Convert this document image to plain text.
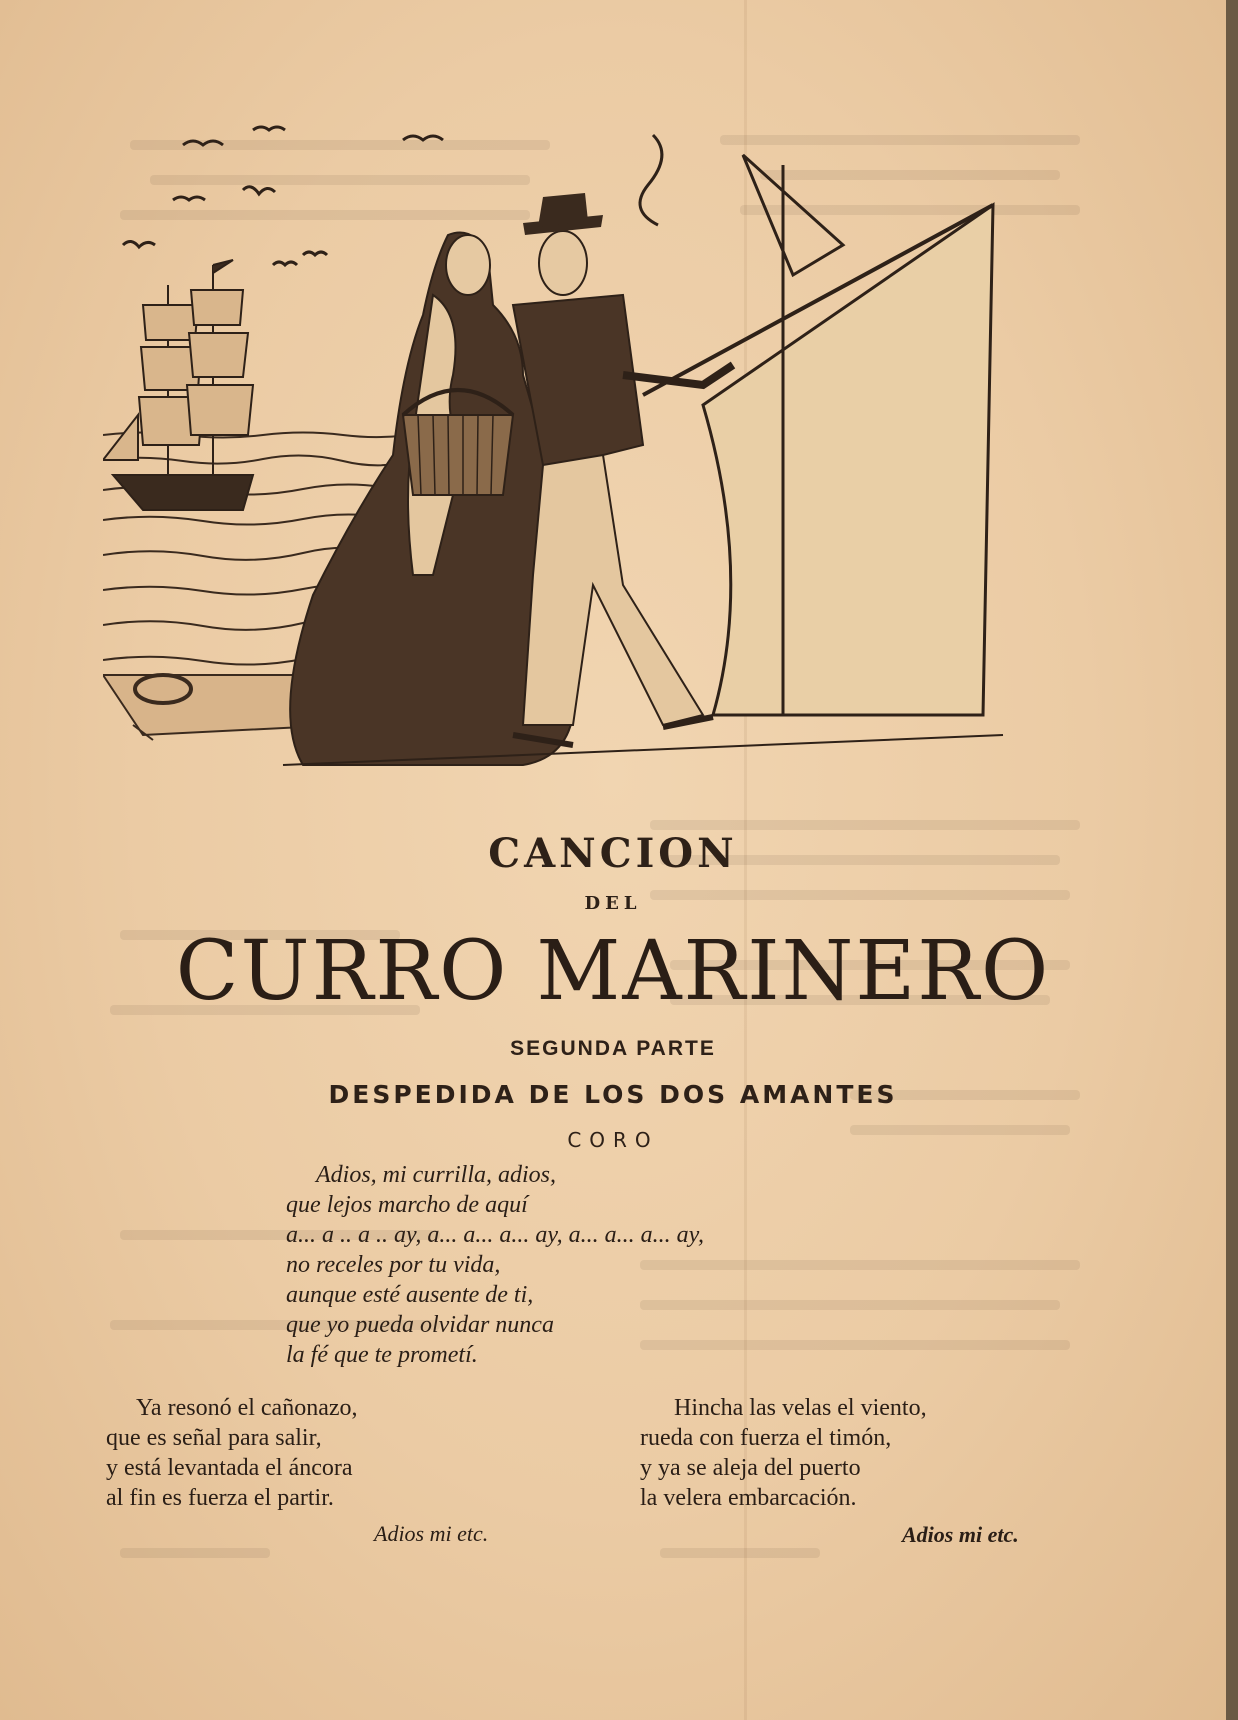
CANCION
DEL
CURRO MARINERO
SEGUNDA PARTE
DESPEDIDA DE LOS DOS AMANTES
CORO
Adios, mi currilla, adios,
que lejos marcho de aquí
a... a .. a .. ay, a... a... a... ay, a... a... a... ay,
no receles por tu vida,
aunque esté ausente de ti,
que yo pueda olvidar nunca
la fé que te prometí.
Ya resonó el cañonazo,
que es señal para salir,
y está levantada el áncora
al fin es fuerza el partir.
Adios mi etc.
Hincha las velas el viento,
rueda con fuerza el timón,
y ya se aleja del puerto
la velera embarcación.
Adios mi etc.
